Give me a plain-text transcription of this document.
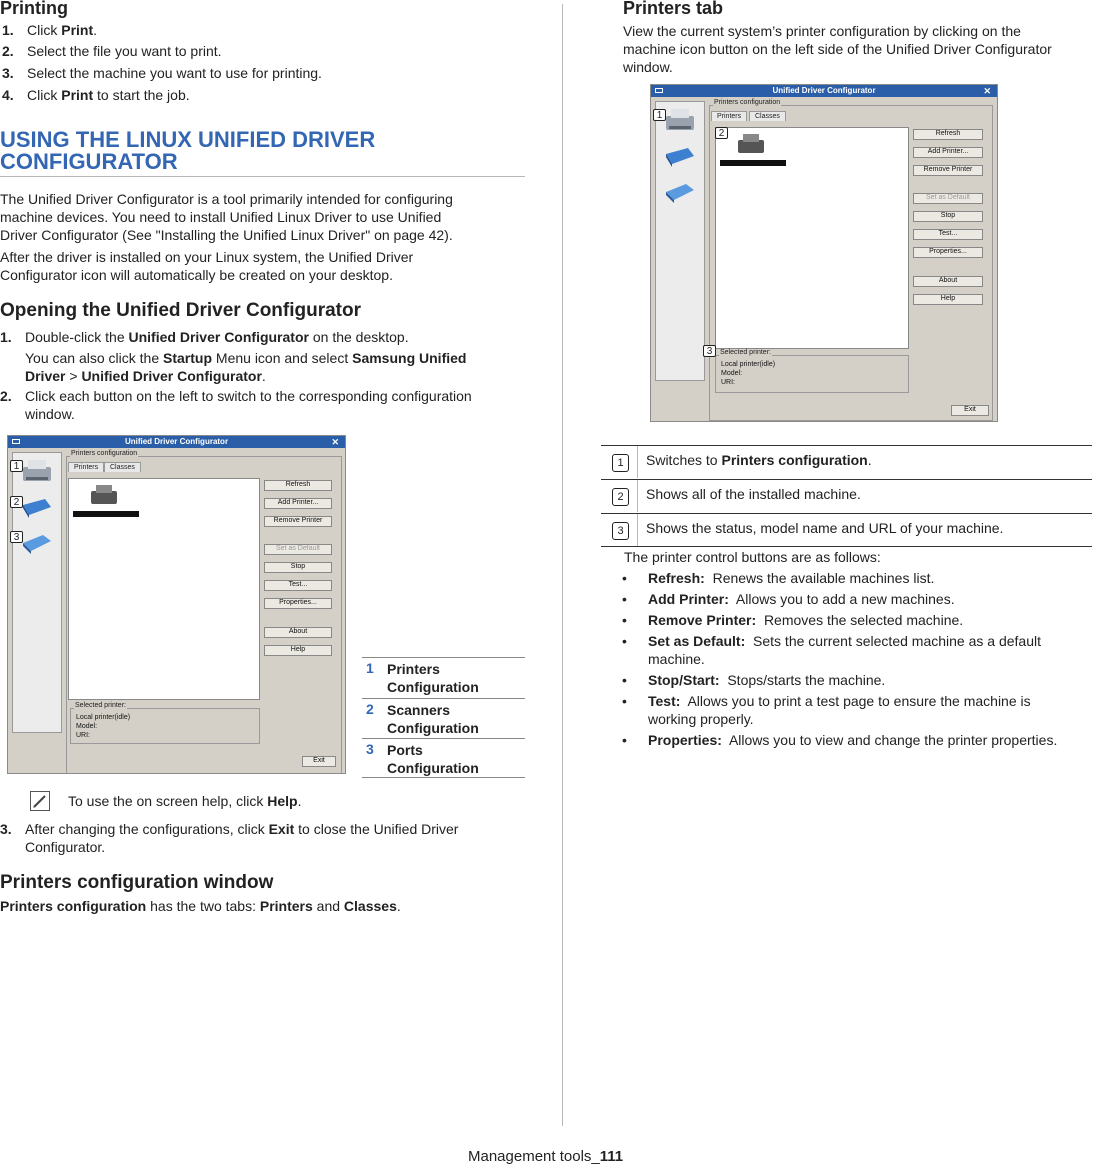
Printing
1. Click Print.
2. Select the file you want to print.
3. Select the machine you want to use for printing.
4. Click Print to start the job.
USING THE LINUX UNIFIED DRIVER
CONFIGURATOR
The Unified Driver Configurator is a tool primarily intended for configuring
machine devices. You need to install Unified Linux Driver to use Unified
Driver Configurator (See "Installing the Unified Linux Driver" on page 42).
After the driver is installed on your Linux system, the Unified Driver
Configurator icon will automatically be created on your desktop.
Opening the Unified Driver Configurator
1. Double-click the Unified Driver Configurator on the desktop.
You can also click the Startup Menu icon and select Samsung Unified
Driver > Unified Driver Configurator.
2. Click each button on the left to switch to the corresponding configuration
window.
Unified Driver Configurator	✕
Printers configuration
Printers	Classes
Refresh
Add Printer...
Remove Printer
Set as Default
Stop
Test...
Properties...
About
Help
Selected printer:
Local printer(idle)
Model:
URI:
Exit
1
2
3
1 Printers
Configuration
2 Scanners
Configuration
3 Ports
Configuration
To use the on screen help, click Help.
3. After changing the configurations, click Exit to close the Unified Driver
Configurator.
Printers configuration window
Printers configuration has the two tabs: Printers and Classes.
Printers tab
View the current system’s printer configuration by clicking on the
machine icon button on the left side of the Unified Driver Configurator
window.
Unified Driver Configurator	✕
Printers configuration
Printers	Classes
Refresh
Add Printer...
Remove Printer
Set as Default
Stop
Test...
Properties...
About
Help
Selected printer:
Local printer(idle)
Model:
URI:
Exit
1
2
3
1	Switches to Printers configuration.
2	Shows all of the installed machine.
3	Shows the status, model name and URL of your machine.
The printer control buttons are as follows:
• Refresh: Renews the available machines list.
• Add Printer: Allows you to add a new machines.
• Remove Printer: Removes the selected machine.
• Set as Default: Sets the current selected machine as a default
machine.
• Stop/Start: Stops/starts the machine.
• Test: Allows you to print a test page to ensure the machine is
working properly.
• Properties: Allows you to view and change the printer properties.
Management tools_111
